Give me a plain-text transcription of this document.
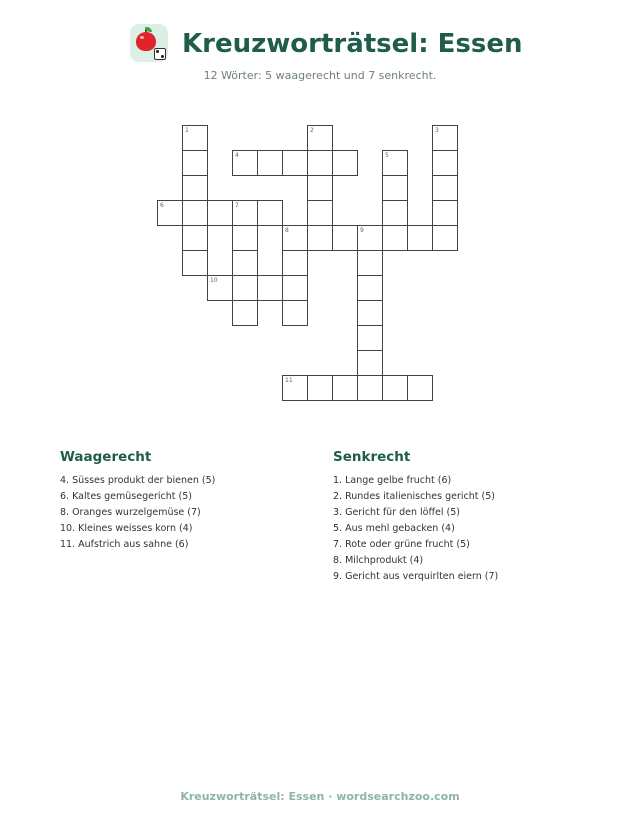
Kreuzworträtsel: Essen
12 Wörter: 5 waagerecht und 7 senkrecht.
1	2	3
4	5
6	7
8	9
10
11
Waagerecht
4. Süsses produkt der bienen (5)
6. Kaltes gemüsegericht (5)
8. Oranges wurzelgemüse (7)
10. Kleines weisses korn (4)
11. Aufstrich aus sahne (6)
Senkrecht
1. Lange gelbe frucht (6)
2. Rundes italienisches gericht (5)
3. Gericht für den löffel (5)
5. Aus mehl gebacken (4)
7. Rote oder grüne frucht (5)
8. Milchprodukt (4)
9. Gericht aus verquirlten eiern (7)
Kreuzworträtsel: Essen · wordsearchzoo.com
